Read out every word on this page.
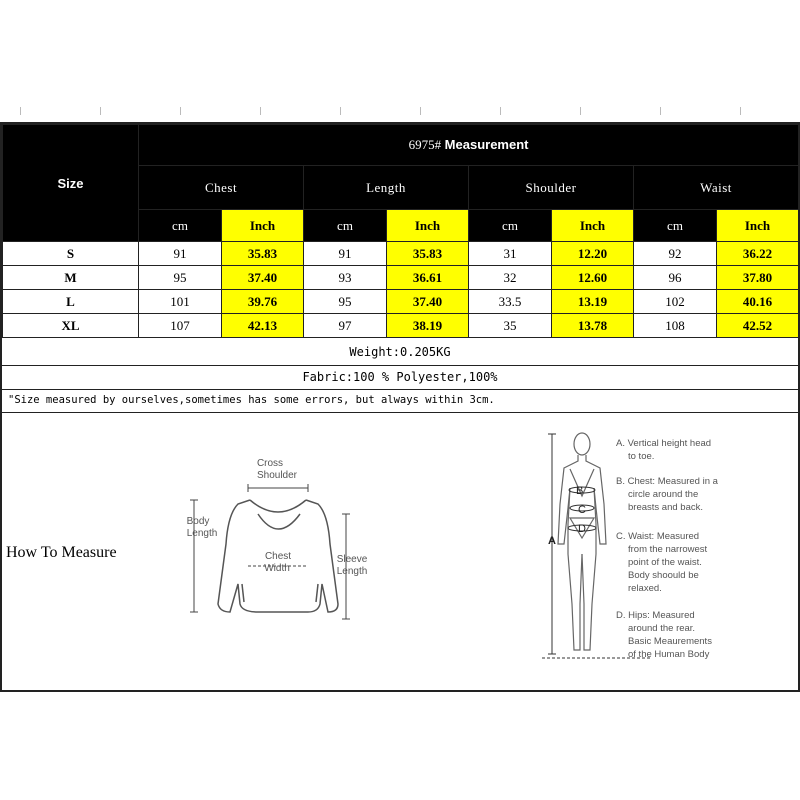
Size	6975# Measurement							
	Chest		Length		Shoulder		Waist	
	cm	Inch	cm	Inch	cm	Inch	cm	Inch
S	91	35.83	91	35.83	31	12.20	92	36.22
M	95	37.40	93	36.61	32	12.60	96	37.80
L	101	39.76	95	37.40	33.5	13.19	102	40.16
XL	107	42.13	97	38.19	35	13.78	108	42.52
Weight:0.205KG
Fabric:100 % Polyester,100%
"Size measured by ourselves,sometimes has some errors, but always within 3cm.
How To Measure
Cross
Shoulder
Body
Length
Chest
Width
Sleeve
Length
A
B
C
D
A. Vertical height head
to toe.
B. Chest: Measured in a
circle around the
breasts and back.
C. Waist: Measured
from the narrowest
point of the waist.
Body shoould be
relaxed.
D. Hips: Measured
around the rear.
Basic Meaurements
of the Human Body
